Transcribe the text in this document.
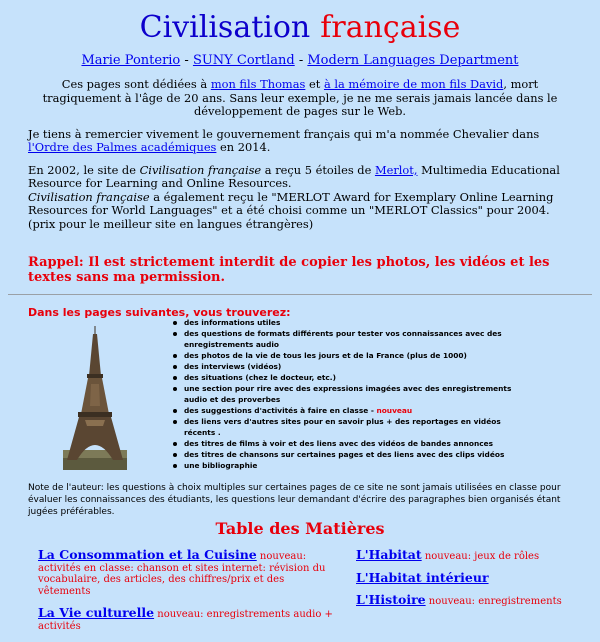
Civilisation française
Marie Ponterio - SUNY Cortland - Modern Languages Department
Ces pages sont dédiées à mon fils Thomas et à la mémoire de mon fils David, mort tragiquement à l'âge de 20 ans. Sans leur exemple, je ne me serais jamais lancée dans le développement de pages sur le Web.
Je tiens à remercier vivement le gouvernement français qui m'a nommée Chevalier dans l'Ordre des Palmes académiques en 2014.
En 2002, le site de Civilisation française a reçu 5 étoiles de Merlot, Multimedia Educational Resource for Learning and Online Resources.
Civilisation française a également reçu le "MERLOT Award for Exemplary Online Learning Resources for World Languages" et a été choisi comme un "MERLOT Classics" pour 2004. (prix pour le meilleur site en langues étrangères)
Rappel: Il est strictement interdit de copier les photos, les vidéos et les textes sans ma permission.
Dans les pages suivantes, vous trouverez:
des informations utiles
des questions de formats différents pour tester vos connaissances avec des enregistrements audio
des photos de la vie de tous les jours et de la France (plus de 1000)
des interviews (vidéos)
des situations (chez le docteur, etc.)
une section pour rire avec des expressions imagées avec des enregistrements audio et des proverbes
des suggestions d'activités à faire en classe - nouveau
des liens vers d'autres sites pour en savoir plus + des reportages en vidéos récents .
des titres de films à voir et des liens avec des vidéos de bandes annonces
des titres de chansons sur certaines pages et des liens avec des clips vidéos
une bibliographie
Note de l'auteur: les questions à choix multiples sur certaines pages de ce site ne sont jamais utilisées en classe pour évaluer les connaissances des étudiants, les questions leur demandant d'écrire des paragraphes bien organisés étant jugées préférables.
Table des Matières
La Consommation et la Cuisine nouveau: activités en classe: chanson et sites internet: révision du vocabulaire, des articles, des chiffres/prix et des vêtements
La Vie culturelle nouveau: enregistrements audio + activités
L'Habitat nouveau: jeux de rôles
L'Habitat intérieur
L'Histoire nouveau: enregistrements
